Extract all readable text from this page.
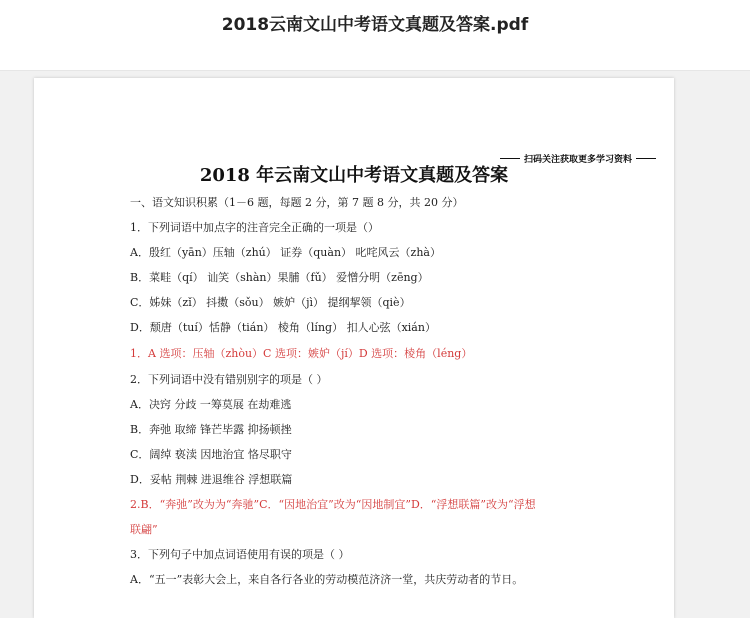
2018云南文山中考语文真题及答案.pdf
扫码关注获取更多学习资料
2018 年云南文山中考语文真题及答案
一、语文知识积累（1－6 题，每题 2 分，第 7 题 8 分，共 20 分）
1．下列词语中加点字的注音完全正确的一项是（）
A．殷红（yān）压轴（zhú） 证券（quàn） 叱咤风云（zhà）
B．菜畦（qí） 讪笑（shàn）果脯（fǔ） 爱憎分明（zēng）
C．姊妹（zǐ） 抖擞（sǒu） 嫉妒（jì） 提纲挈领（qiè）
D．颓唐（tuí）恬静（tián） 棱角（líng） 扣人心弦（xián）
1．A 选项：压轴（zhòu）C 选项：嫉妒（jí）D 选项：棱角（léng）
2．下列词语中没有错别别字的项是（ ）
A．决窍 分歧 一筹莫展 在劫难逃
B．奔弛 取缔 锋芒毕露 抑扬顿挫
C．阔绰 亵渎 因地治宜 恪尽职守
D．妥帖 荆棘 进退维谷 浮想联篇
2.B．“奔弛”改为为“奔驰”C．“因地治宜”改为“因地制宜”D．“浮想联篇”改为“浮想
联翩”
3．下列句子中加点词语使用有误的项是（ ）
A．“五一”表彰大会上，来自各行各业的劳动模范济济一堂，共庆劳动者的节日。
